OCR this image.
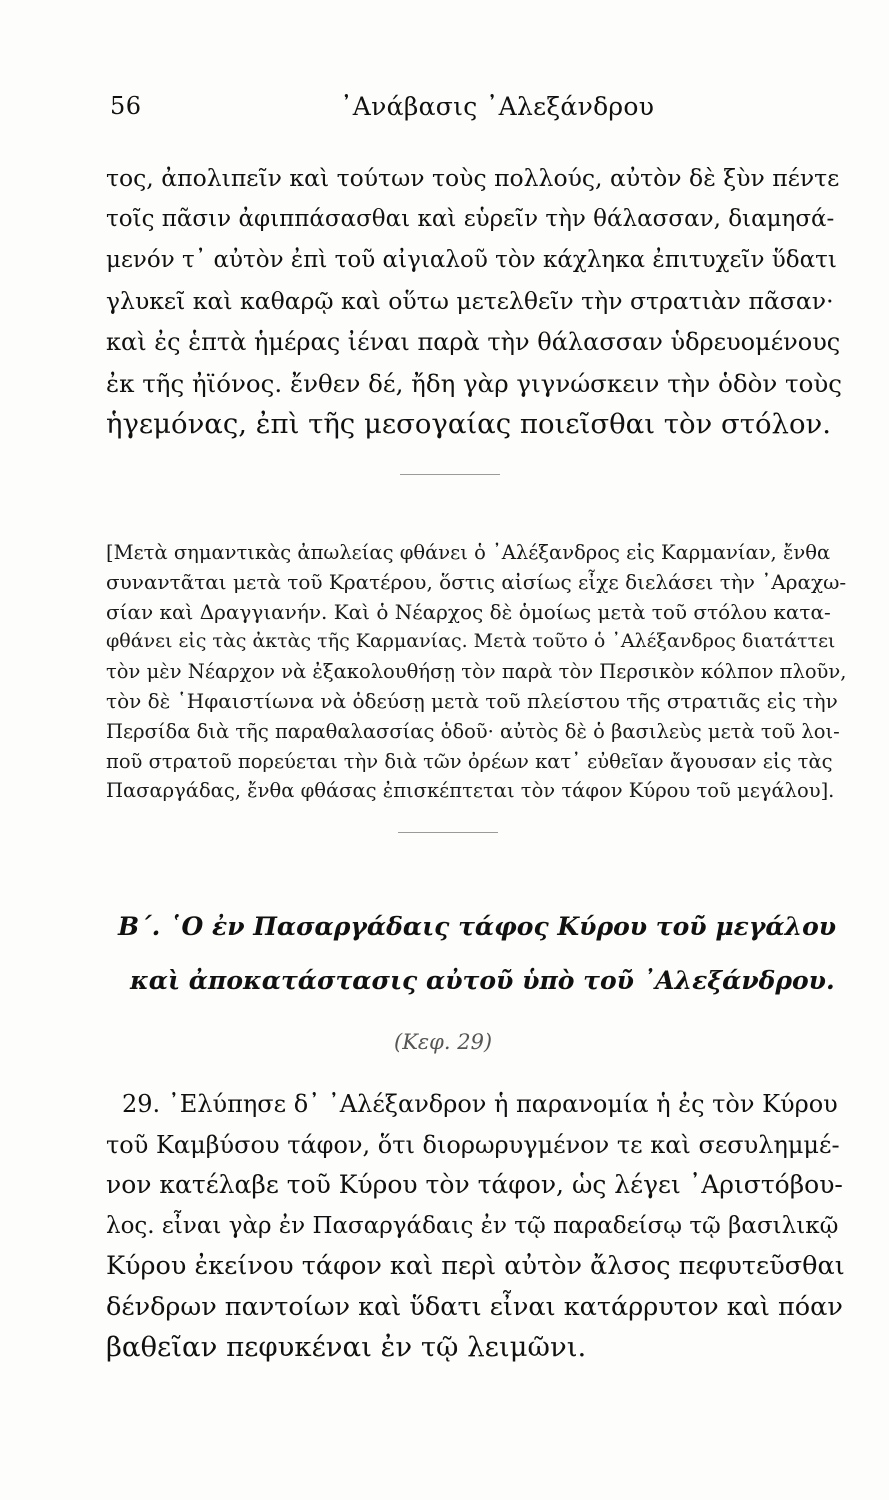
56	᾿Ανάβασις ᾿Αλεξάνδρου

τος, ἀπολιπεῖν καὶ τούτων τοὺς πολλούς, αὐτὸν δὲ ξὺν πέντε
τοῖς πᾶσιν ἀφιππάσασθαι καὶ εὑρεῖν τὴν θάλασσαν, διαμησά-
μενόν τ᾿ αὐτὸν ἐπὶ τοῦ αἰγιαλοῦ τὸν κάχληκα ἐπιτυχεῖν ὕδατι
γλυκεῖ καὶ καθαρῷ καὶ οὕτω μετελθεῖν τὴν στρατιὰν πᾶσαν·
καὶ ἐς ἑπτὰ ἡμέρας ἰέναι παρὰ τὴν θάλασσαν ὑδρευομένους
ἐκ τῆς ἠϊόνος. ἔνθεν δέ, ἤδη γὰρ γιγνώσκειν τὴν ὁδὸν τοὺς
ἡγεμόνας, ἐπὶ τῆς μεσογαίας ποιεῖσθαι τὸν στόλον.

[Μετὰ σημαντικὰς ἀπωλείας φθάνει ὁ ᾿Αλέξανδρος εἰς Καρμανίαν, ἔνθα
συναντᾶται μετὰ τοῦ Κρατέρου, ὅστις αἰσίως εἶχε διελάσει τὴν ᾿Αραχω-
σίαν καὶ Δραγγιανήν. Καὶ ὁ Νέαρχος δὲ ὁμοίως μετὰ τοῦ στόλου κατα-
φθάνει εἰς τὰς ἀκτὰς τῆς Καρμανίας. Μετὰ τοῦτο ὁ ᾿Αλέξανδρος διατάττει
τὸν μὲν Νέαρχον νὰ ἐξακολουθήσῃ τὸν παρὰ τὸν Περσικὸν κόλπον πλοῦν,
τὸν δὲ ῾Ηφαιστίωνα νὰ ὁδεύσῃ μετὰ τοῦ πλείστου τῆς στρατιᾶς εἰς τὴν
Περσίδα διὰ τῆς παραθαλασσίας ὁδοῦ· αὐτὸς δὲ ὁ βασιλεὺς μετὰ τοῦ λοι-
ποῦ στρατοῦ πορεύεται τὴν διὰ τῶν ὀρέων κατ᾿ εὐθεῖαν ἄγουσαν εἰς τὰς
Πασαργάδας, ἔνθα φθάσας ἐπισκέπτεται τὸν τάφον Κύρου τοῦ μεγάλου].

Β΄. ῾Ο ἐν Πασαργάδαις τάφος Κύρου τοῦ μεγάλου
καὶ ἀποκατάστασις αὐτοῦ ὑπὸ τοῦ ᾿Αλεξάνδρου.
(Κεφ. 29)

29. ᾿Ελύπησε δ᾿ ᾿Αλέξανδρον ἡ παρανομία ἡ ἐς τὸν Κύρου
τοῦ Καμβύσου τάφον, ὅτι διορωρυγμένον τε καὶ σεσυλημμέ-
νον κατέλαβε τοῦ Κύρου τὸν τάφον, ὡς λέγει ᾿Αριστόβου-
λος. εἶναι γὰρ ἐν Πασαργάδαις ἐν τῷ παραδείσῳ τῷ βασιλικῷ
Κύρου ἐκείνου τάφον καὶ περὶ αὐτὸν ἄλσος πεφυτεῦσθαι
δένδρων παντοίων καὶ ὕδατι εἶναι κατάρρυτον καὶ πόαν
βαθεῖαν πεφυκέναι ἐν τῷ λειμῶνι.
